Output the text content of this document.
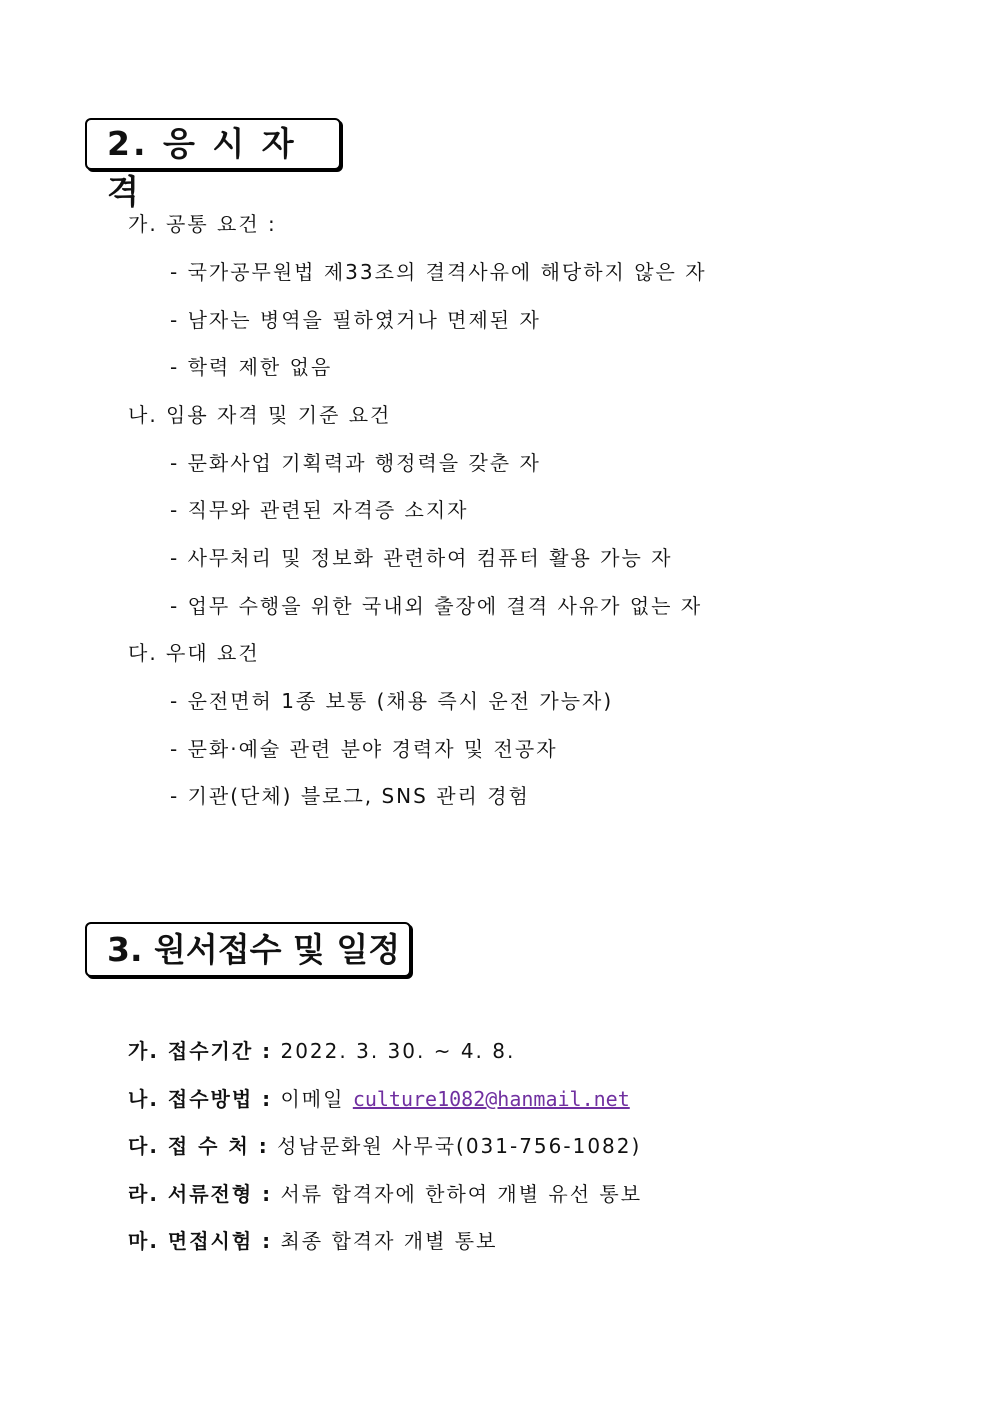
2. 응 시 자 격
가. 공통 요건 :
- 국가공무원법 제33조의 결격사유에 해당하지 않은 자
- 남자는 병역을 필하였거나 면제된 자
- 학력 제한 없음
나. 임용 자격 및 기준 요건
- 문화사업 기획력과 행정력을 갖춘 자
- 직무와 관련된 자격증 소지자
- 사무처리 및 정보화 관련하여 컴퓨터 활용 가능 자
- 업무 수행을 위한 국내외 출장에 결격 사유가 없는 자
다. 우대 요건
- 운전면허 1종 보통 (채용 즉시 운전 가능자)
- 문화·예술 관련 분야 경력자 및 전공자
- 기관(단체) 블로그, SNS 관리 경험
3. 원서접수 및 일정
가. 접수기간 : 2022. 3. 30. ~ 4. 8.
나. 접수방법 : 이메일 culture1082@hanmail.net
다. 접 수 처 : 성남문화원 사무국(031-756-1082)
라. 서류전형 : 서류 합격자에 한하여 개별 유선 통보
마. 면접시험 : 최종 합격자 개별 통보
